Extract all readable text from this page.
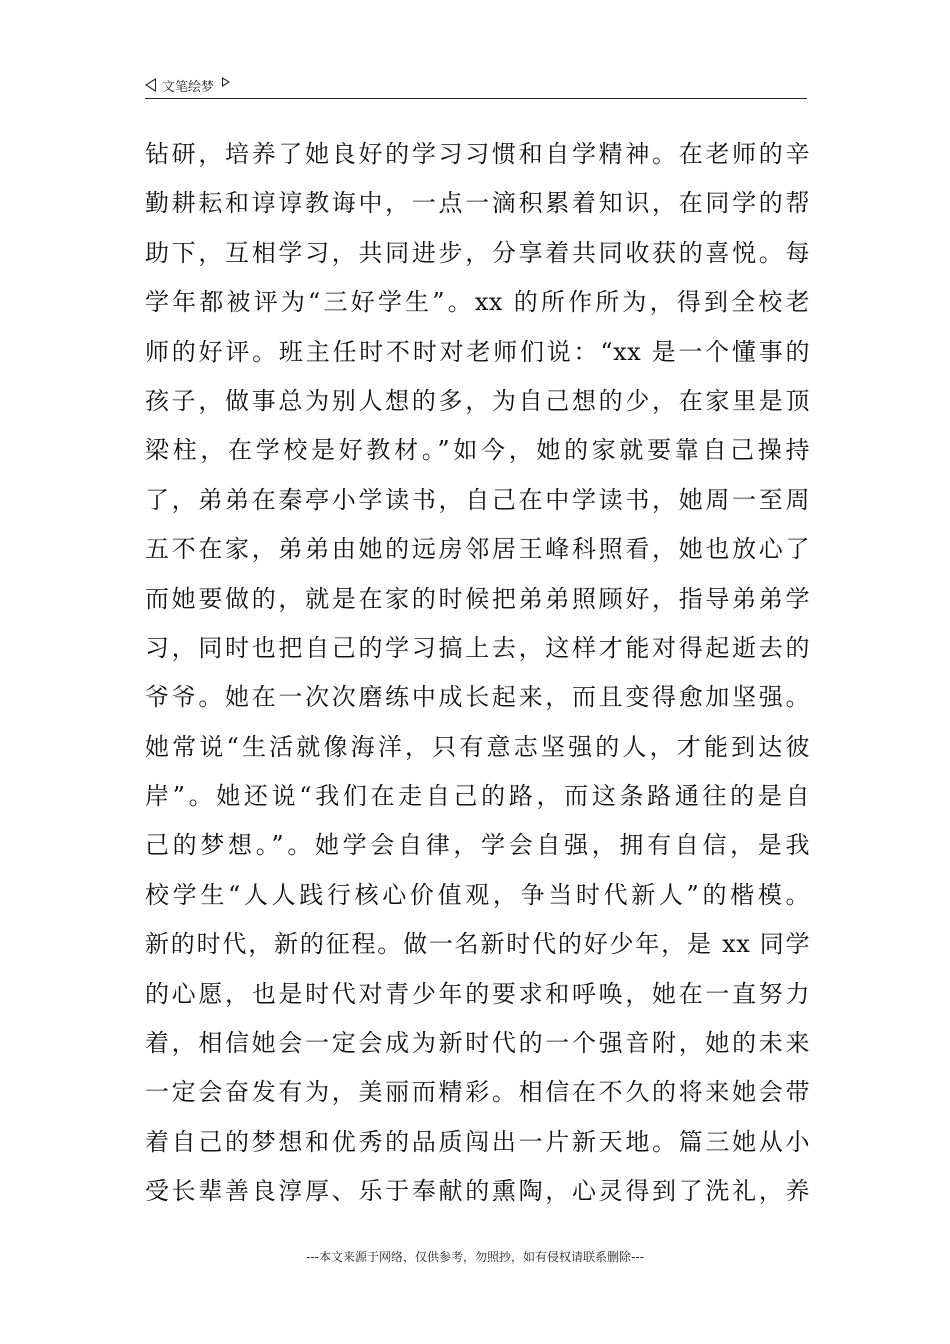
文笔绘梦
钻研，培养了她良好的学习习惯和自学精神。在老师的辛
勤耕耘和谆谆教诲中，一点一滴积累着知识，在同学的帮
助下，互相学习，共同进步，分享着共同收获的喜悦。每
学年都被评为“三好学生”。xx 的所作所为，得到全校老
师的好评。班主任时不时对老师们说：“xx 是一个懂事的
孩子，做事总为别人想的多，为自己想的少，在家里是顶
梁柱，在学校是好教材。”如今，她的家就要靠自己操持
了，弟弟在秦亭小学读书，自己在中学读书，她周一至周
五不在家，弟弟由她的远房邻居王峰科照看，她也放心了
而她要做的，就是在家的时候把弟弟照顾好，指导弟弟学
习，同时也把自己的学习搞上去，这样才能对得起逝去的
爷爷。她在一次次磨练中成长起来，而且变得愈加坚强。
她常说“生活就像海洋，只有意志坚强的人，才能到达彼
岸”。她还说“我们在走自己的路，而这条路通往的是自
己的梦想。”。她学会自律，学会自强，拥有自信，是我
校学生“人人践行核心价值观，争当时代新人”的楷模。
新的时代，新的征程。做一名新时代的好少年，是 xx 同学
的心愿，也是时代对青少年的要求和呼唤，她在一直努力
着，相信她会一定会成为新时代的一个强音附，她的未来
一定会奋发有为，美丽而精彩。相信在不久的将来她会带
着自己的梦想和优秀的品质闯出一片新天地。篇三她从小
受长辈善良淳厚、乐于奉献的熏陶，心灵得到了洗礼，养
---本文来源于网络，仅供参考，勿照抄，如有侵权请联系删除---
